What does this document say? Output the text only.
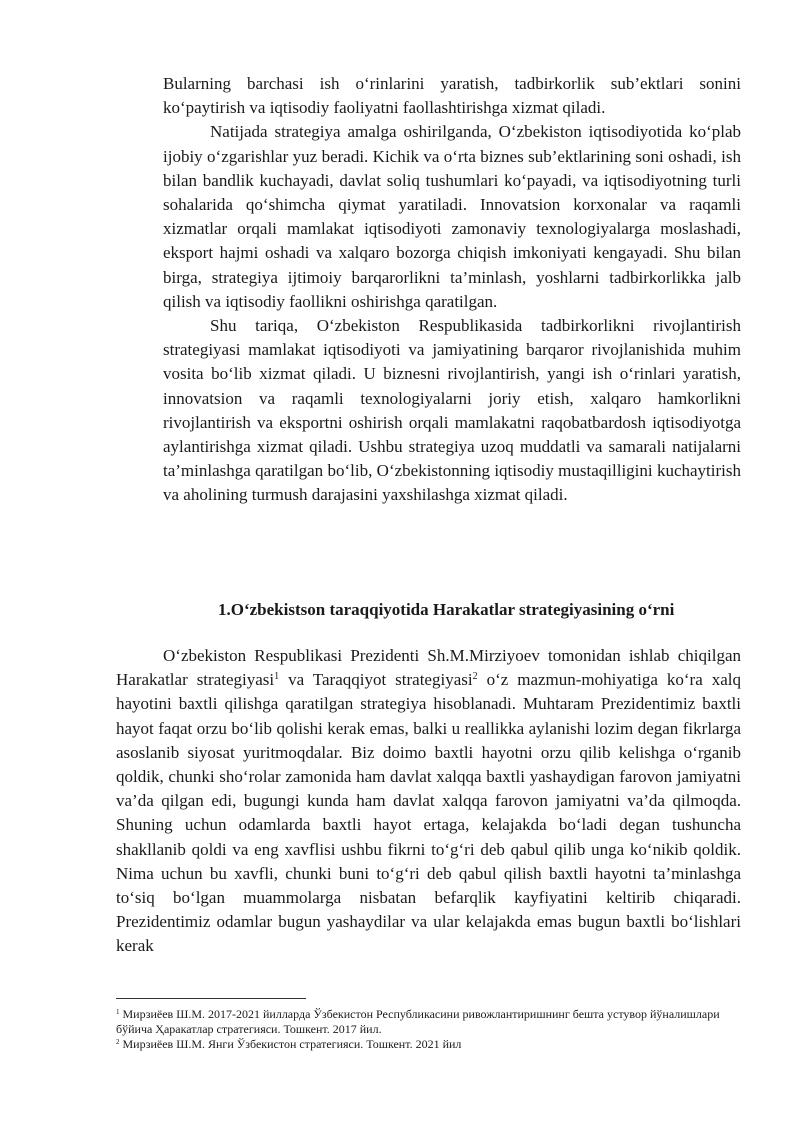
Bularning barchasi ish o‘rinlarini yaratish, tadbirkorlik sub’ektlari sonini ko‘paytirish va iqtisodiy faoliyatni faollashtirishga xizmat qiladi.

Natijada strategiya amalga oshirilganda, O‘zbekiston iqtisodiyotida ko‘plab ijobiy o‘zgarishlar yuz beradi. Kichik va o‘rta biznes sub’ektlarining soni oshadi, ish bilan bandlik kuchayadi, davlat soliq tushumlari ko‘payadi, va iqtisodiyotning turli sohalarida qo‘shimcha qiymat yaratiladi. Innovatsion korxonalar va raqamli xizmatlar orqali mamlakat iqtisodiyoti zamonaviy texnologiyalarga moslashadi, eksport hajmi oshadi va xalqaro bozorga chiqish imkoniyati kengayadi. Shu bilan birga, strategiya ijtimoiy barqarorlikni ta’minlash, yoshlarni tadbirkorlikka jalb qilish va iqtisodiy faollikni oshirishga qaratilgan.

Shu tariqa, O‘zbekiston Respublikasida tadbirkorlikni rivojlantirish strategiyasi mamlakat iqtisodiyoti va jamiyatining barqaror rivojlanishida muhim vosita bo‘lib xizmat qiladi. U biznesni rivojlantirish, yangi ish o‘rinlari yaratish, innovatsion va raqamli texnologiyalarni joriy etish, xalqaro hamkorlikni rivojlantirish va eksportni oshirish orqali mamlakatni raqobatbardosh iqtisodiyotga aylantirishga xizmat qiladi. Ushbu strategiya uzoq muddatli va samarali natijalarni ta’minlashga qaratilgan bo‘lib, O‘zbekistonning iqtisodiy mustaqilligini kuchaytirish va aholining turmush darajasini yaxshilashga xizmat qiladi.

1.O‘zbekistson taraqqiyotida Harakatlar strategiyasining o‘rni

O‘zbekiston Respublikasi Prezidenti Sh.M.Mirziyoev tomonidan ishlab chiqilgan Harakatlar strategiyasi$^1$ va Taraqqiyot strategiyasi$^2$ o‘z mazmun-mohiyatiga ko‘ra xalq hayotini baxtli qilishga qaratilgan strategiya hisoblanadi. Muhtaram Prezidentimiz baxtli hayot faqat orzu bo‘lib qolishi kerak emas, balki u reallikka aylanishi lozim degan fikrlarga asoslanib siyosat yuritmoqdalar. Biz doimo baxtli hayotni orzu qilib kelishga o‘rganib qoldik, chunki sho‘rolar zamonida ham davlat xalqqa baxtli yashaydigan farovon jamiyatni va’da qilgan edi, bugungi kunda ham davlat xalqqa farovon jamiyatni va’da qilmoqda. Shuning uchun odamlarda baxtli hayot ertaga, kelajakda bo‘ladi degan tushuncha shakllanib qoldi va eng xavflisi ushbu fikrni to‘g‘ri deb qabul qilib unga ko‘nikib qoldik. Nima uchun bu xavfli, chunki buni to‘g‘ri deb qabul qilish baxtli hayotni ta’minlashga to‘siq bo‘lgan muammolarga nisbatan befarqlik kayfiyatini keltirib chiqaradi. Prezidentimiz odamlar bugun yashaydilar va ular kelajakda emas bugun baxtli bo‘lishlari kerak

$^1$ Мирзиёев Ш.М. 2017-2021 йилларда Ўзбекистон Республикасини ривожлантиришнинг бешта устувор йўналишлари бўйича Ҳаракатлар стратегияси. Тошкент. 2017 йил.

$^2$ Мирзиёев Ш.М. Янги Ўзбекистон стратегияси. Тошкент. 2021 йил
